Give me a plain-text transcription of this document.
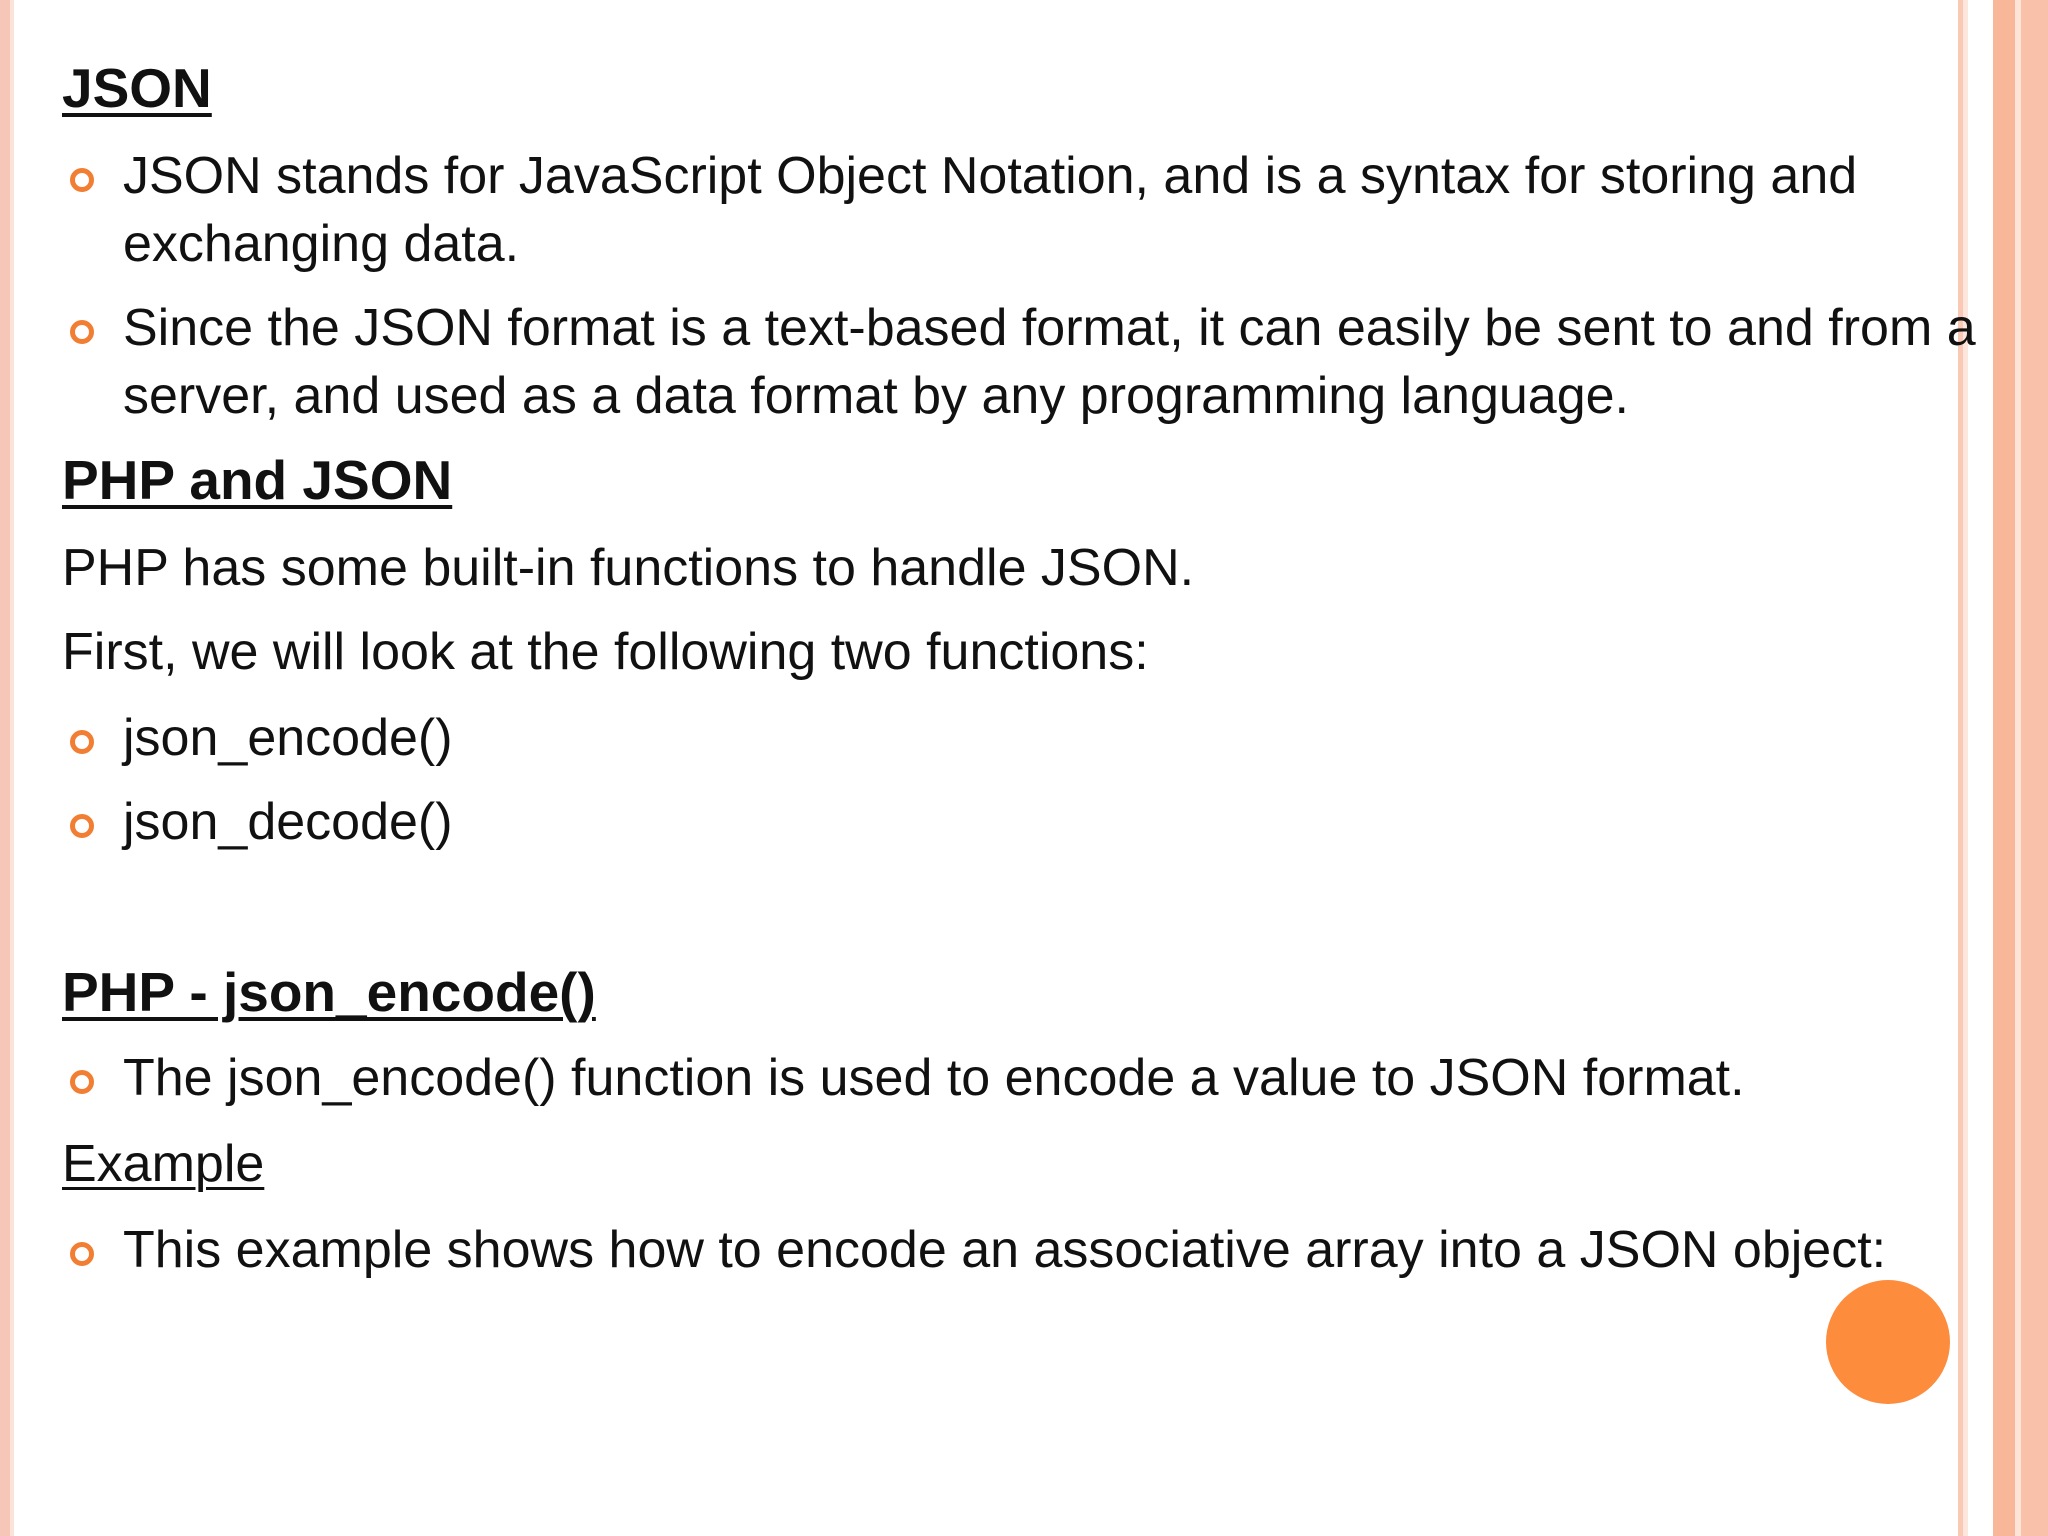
JSON
JSON stands for JavaScript Object Notation, and is a syntax for storing and exchanging data.
Since the JSON format is a text-based format, it can easily be sent to and from a server, and used as a data format by any programming language.
PHP and JSON
PHP has some built-in functions to handle JSON.
First, we will look at the following two functions:
json_encode()
json_decode()
PHP - json_encode()
The json_encode() function is used to encode a value to JSON format.
Example
This example shows how to encode an associative array into a JSON object:
